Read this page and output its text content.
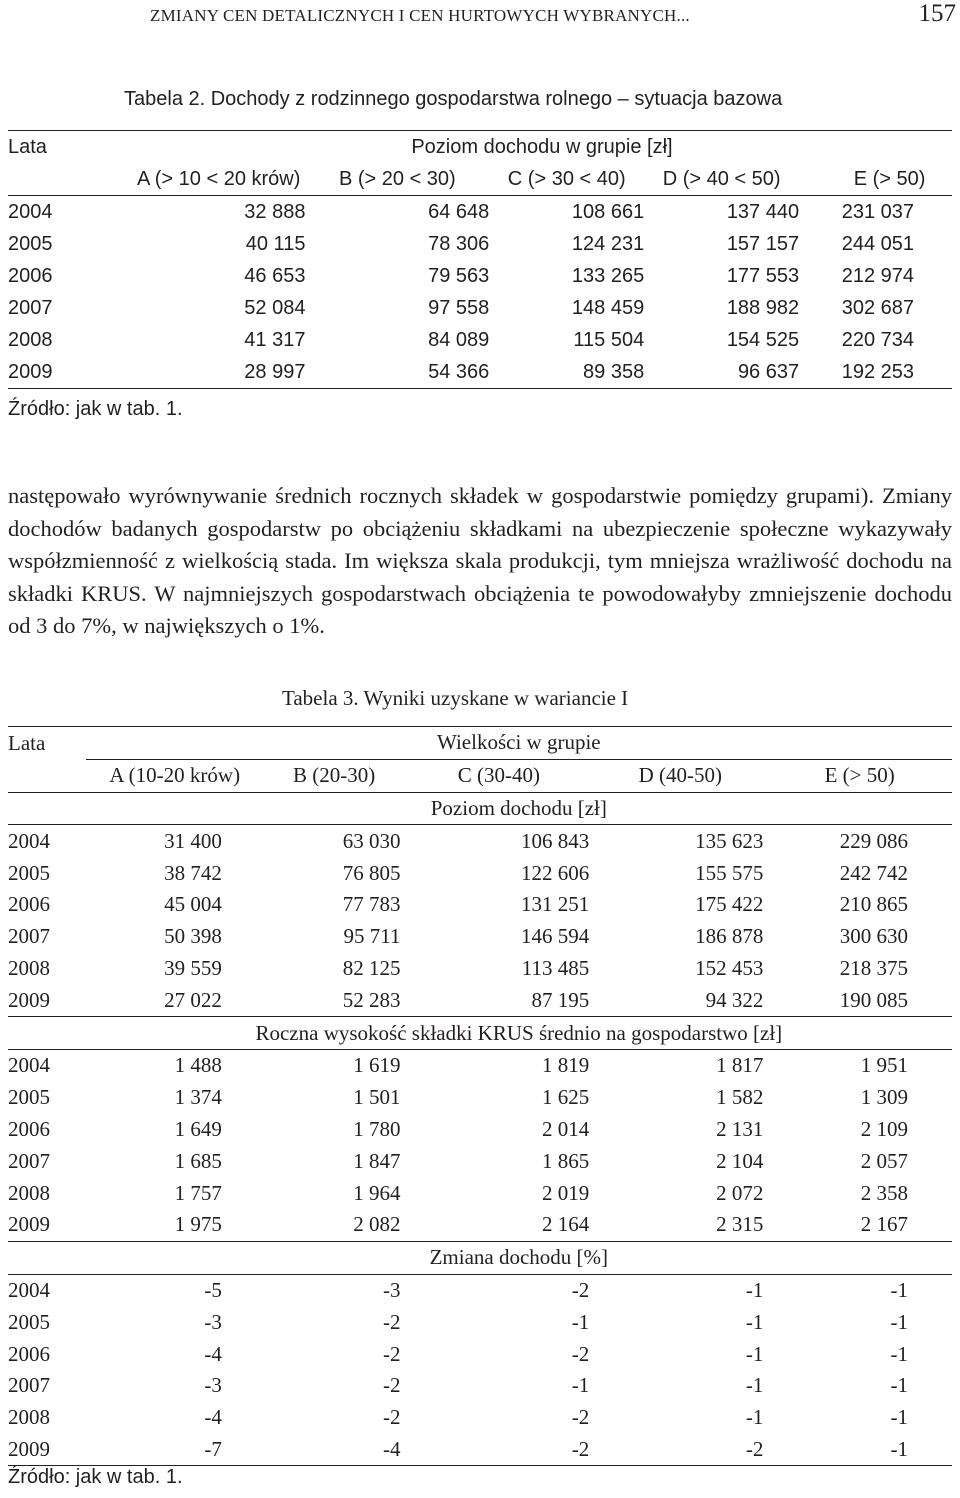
ZMIANY CEN DETALICZNYCH I CEN HURTOWYCH WYBRANYCH...	157
Tabela 2. Dochody z rodzinnego gospodarstwa rolnego – sytuacja bazowa
Lata	Poziom dochodu w grupie [zł]				
	A (> 10 < 20 krów)	B (> 20 < 30)	C (> 30 < 40)	D (> 40 < 50)	E (> 50)
2004	32 888	64 648	108 661	137 440	231 037
2005	40 115	78 306	124 231	157 157	244 051
2006	46 653	79 563	133 265	177 553	212 974
2007	52 084	97 558	148 459	188 982	302 687
2008	41 317	84 089	115 504	154 525	220 734
2009	28 997	54 366	89 358	96 637	192 253
Źródło: jak w tab. 1.
następowało wyrównywanie średnich rocznych składek w gospodarstwie pomiędzy grupami). Zmiany dochodów badanych gospodarstw po obciążeniu składkami na ubezpieczenie społeczne wykazywały współzmienność z wielkością stada. Im większa skala produkcji, tym mniejsza wrażliwość dochodu na składki KRUS. W najmniejszych gospodarstwach obciążenia te powodowałyby zmniejszenie dochodu od 3 do 7%, w największych o 1%.
Tabela 3. Wyniki uzyskane w wariancie I
Lata	Wielkości w grupie				
	A (10-20 krów)	B (20-30)	C (30-40)	D (40-50)	E (> 50)
	Poziom dochodu [zł]				
2004	31 400	63 030	106 843	135 623	229 086
2005	38 742	76 805	122 606	155 575	242 742
2006	45 004	77 783	131 251	175 422	210 865
2007	50 398	95 711	146 594	186 878	300 630
2008	39 559	82 125	113 485	152 453	218 375
2009	27 022	52 283	87 195	94 322	190 085
	Roczna wysokość składki KRUS średnio na gospodarstwo [zł]				
2004	1 488	1 619	1 819	1 817	1 951
2005	1 374	1 501	1 625	1 582	1 309
2006	1 649	1 780	2 014	2 131	2 109
2007	1 685	1 847	1 865	2 104	2 057
2008	1 757	1 964	2 019	2 072	2 358
2009	1 975	2 082	2 164	2 315	2 167
	Zmiana dochodu [%]				
2004	-5	-3	-2	-1	-1
2005	-3	-2	-1	-1	-1
2006	-4	-2	-2	-1	-1
2007	-3	-2	-1	-1	-1
2008	-4	-2	-2	-1	-1
2009	-7	-4	-2	-2	-1
Źródło: jak w tab. 1.
